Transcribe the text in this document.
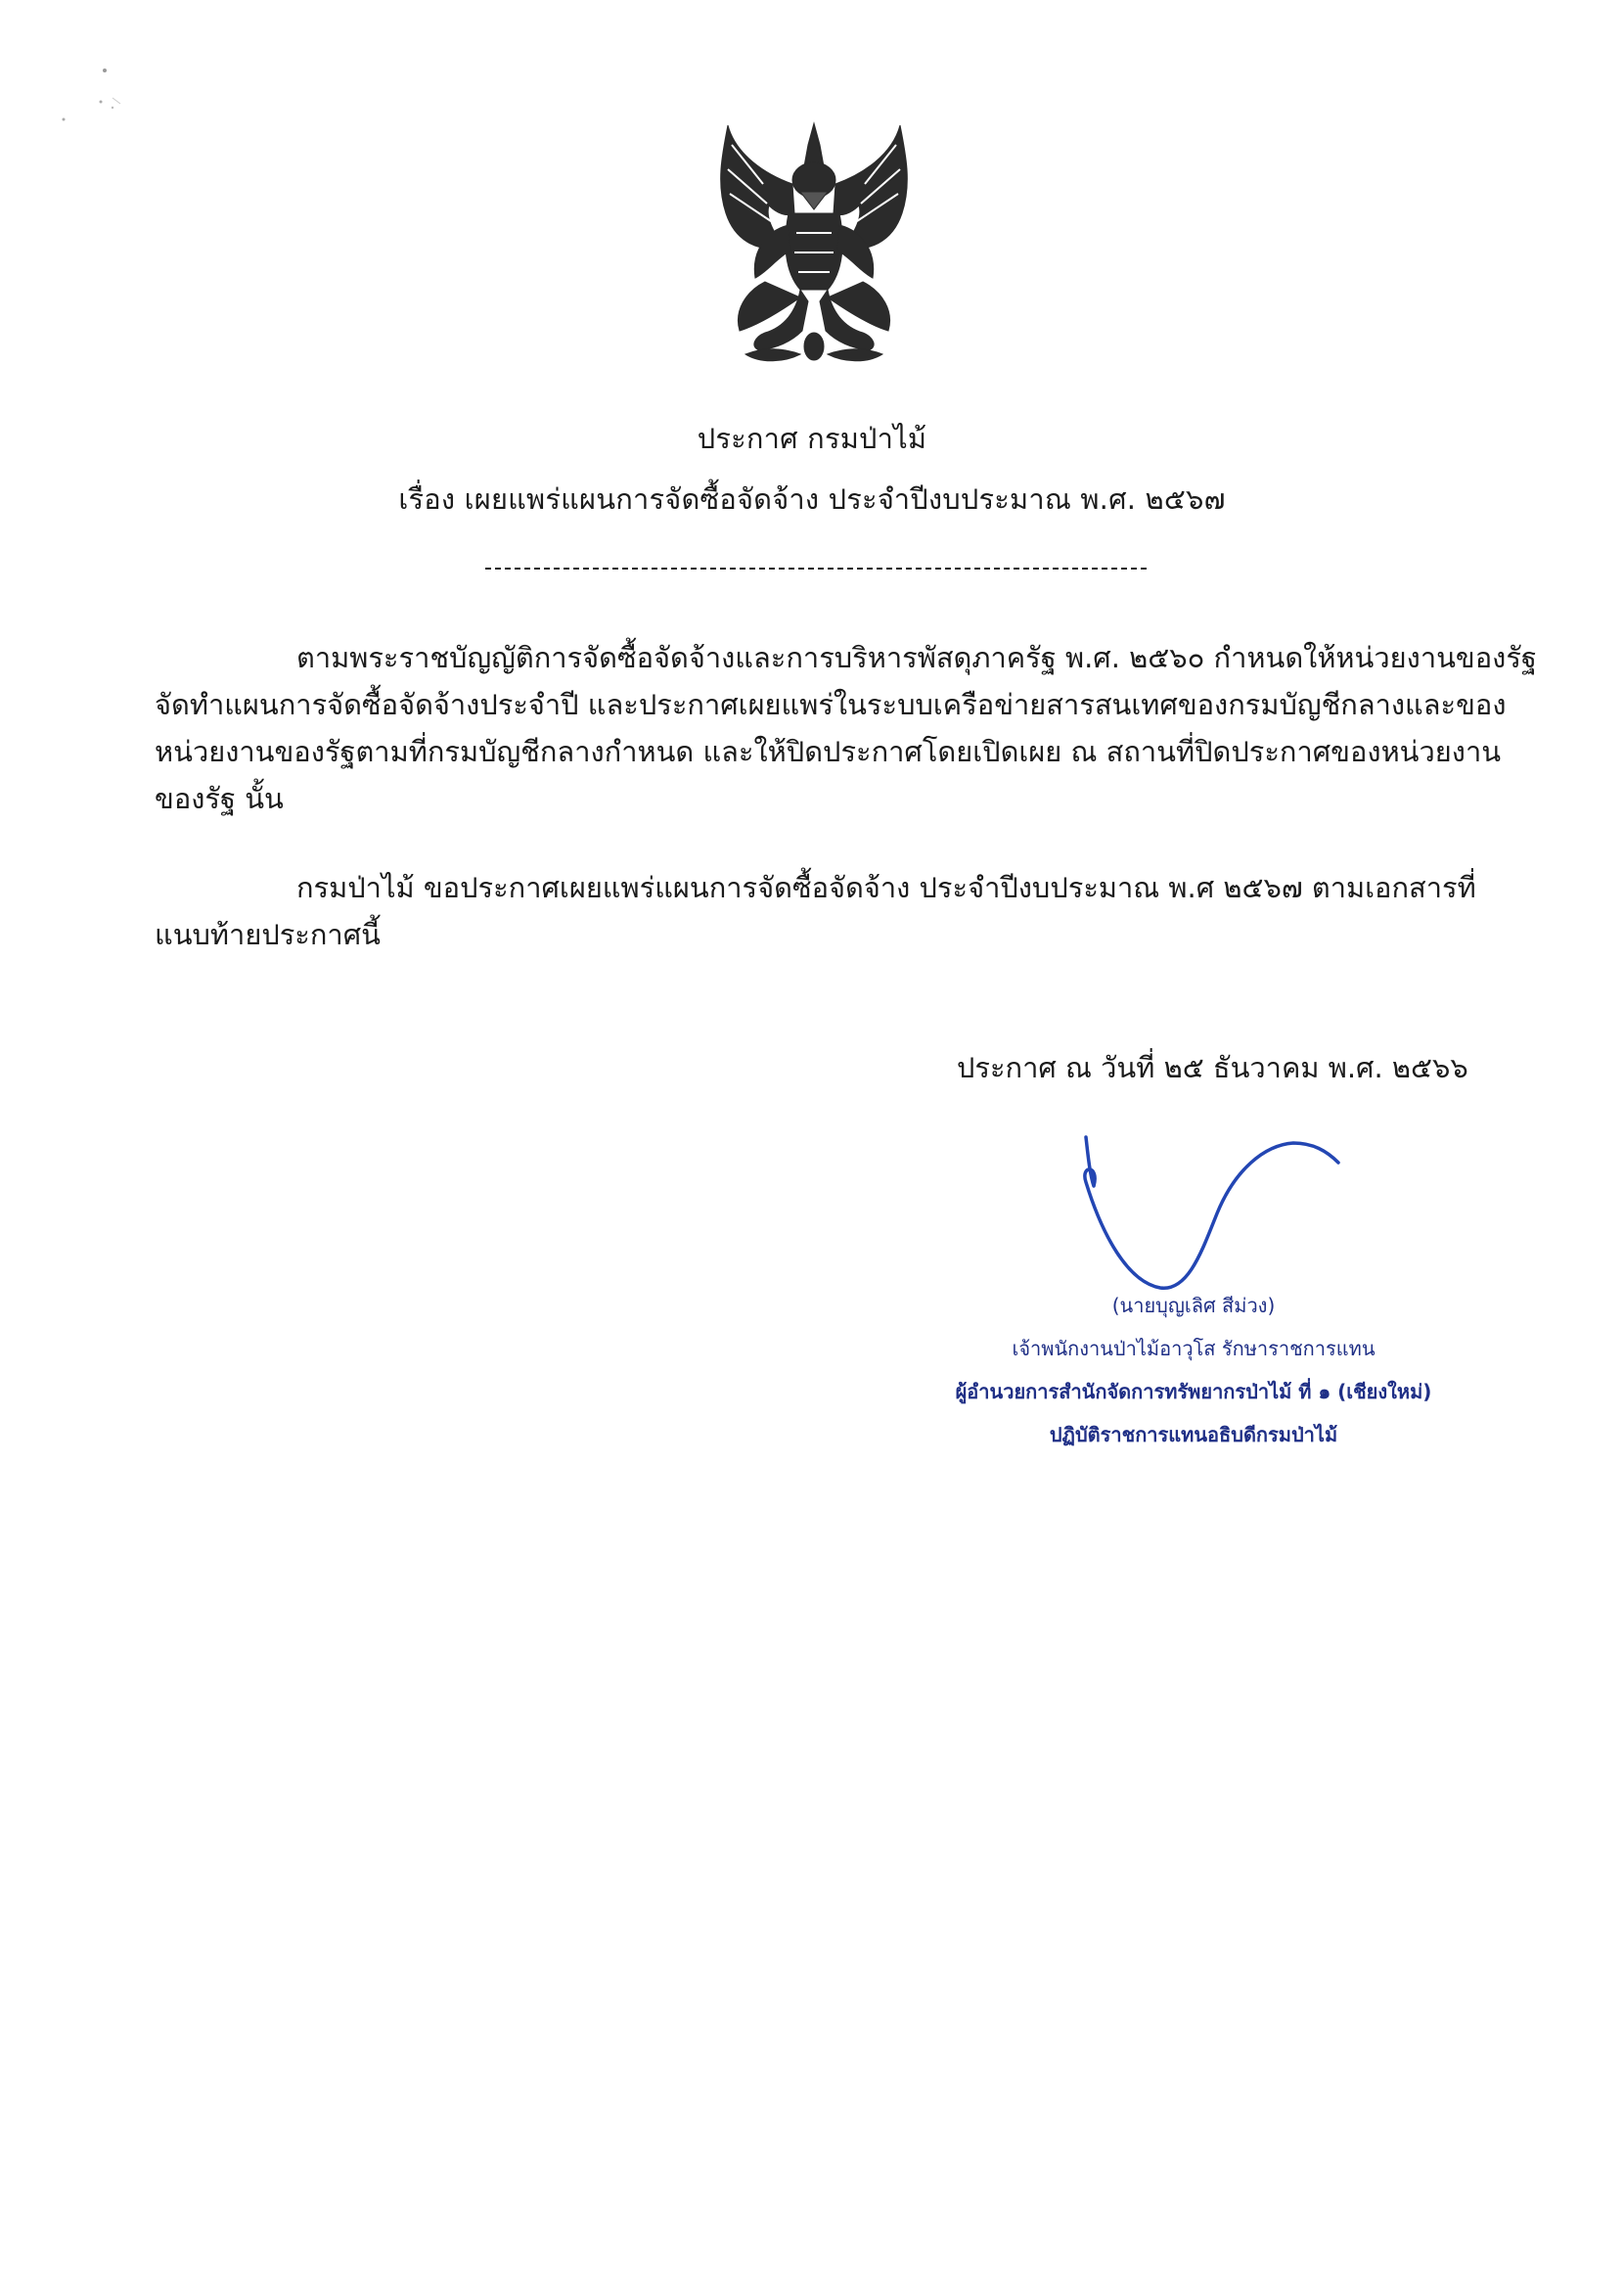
ประกาศ กรมป่าไม้
เรื่อง เผยแพร่แผนการจัดซื้อจัดจ้าง ประจำปีงบประมาณ พ.ศ. ๒๕๖๗
ตามพระราชบัญญัติการจัดซื้อจัดจ้างและการบริหารพัสดุภาครัฐ พ.ศ. ๒๕๖๐ กำหนดให้หน่วยงานของรัฐ
จัดทำแผนการจัดซื้อจัดจ้างประจำปี และประกาศเผยแพร่ในระบบเครือข่ายสารสนเทศของกรมบัญชีกลางและของ
หน่วยงานของรัฐตามที่กรมบัญชีกลางกำหนด และให้ปิดประกาศโดยเปิดเผย ณ สถานที่ปิดประกาศของหน่วยงาน
ของรัฐ นั้น
กรมป่าไม้ ขอประกาศเผยแพร่แผนการจัดซื้อจัดจ้าง ประจำปีงบประมาณ พ.ศ ๒๕๖๗ ตามเอกสารที่
แนบท้ายประกาศนี้
ประกาศ ณ วันที่ ๒๕ ธันวาคม พ.ศ. ๒๕๖๖
(นายบุญเลิศ สีม่วง)
เจ้าพนักงานป่าไม้อาวุโส รักษาราชการแทน
ผู้อำนวยการสำนักจัดการทรัพยากรป่าไม้ ที่ ๑ (เชียงใหม่)
ปฏิบัติราชการแทนอธิบดีกรมป่าไม้
